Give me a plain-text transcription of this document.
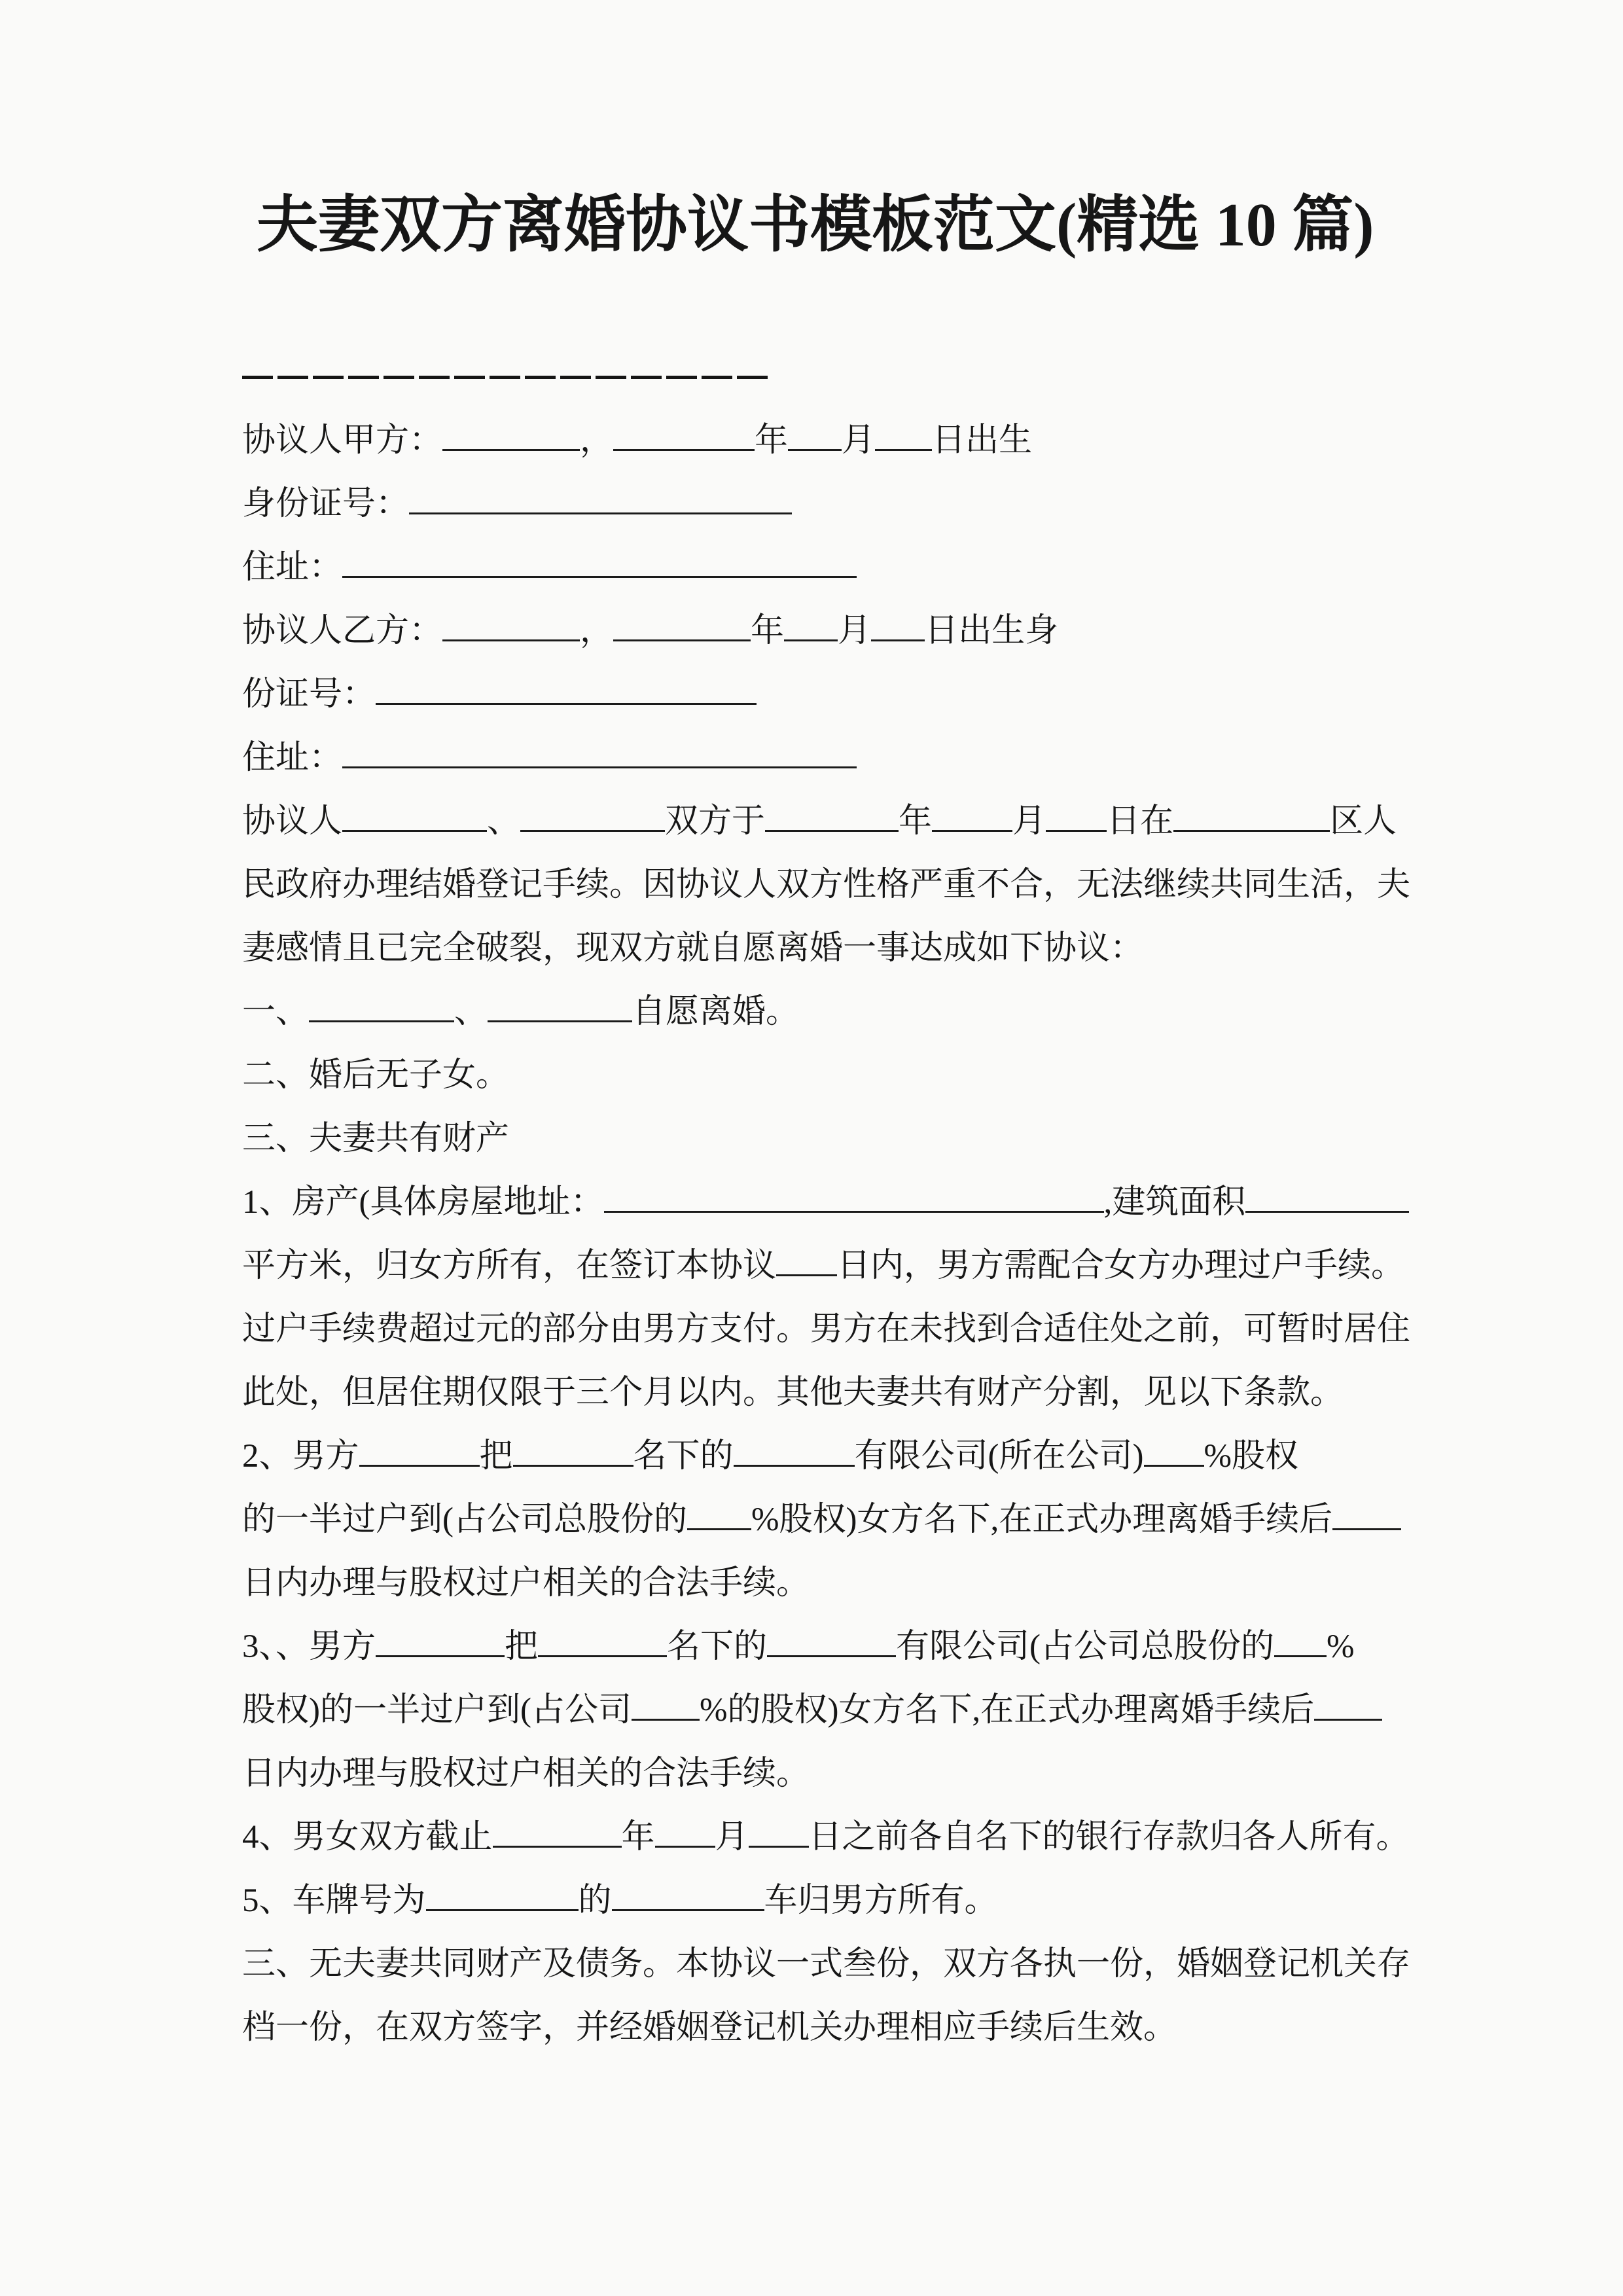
夫妻双方离婚协议书模板范文(精选 10 篇)
协议人甲方：	，	年 月 日出生
身份证号：
住址：
协议人乙方：	，	年 月 日出生身
份证号：
住址：
协议人	、	双方于	年 月 日在	区人
民政府办理结婚登记手续。因协议人双方性格严重不合，无法继续共同生活，夫
妻感情且已完全破裂，现双方就自愿离婚一事达成如下协议：
一、	、	自愿离婚。
二、婚后无子女。
三、夫妻共有财产
1、房产(具体房屋地址：	,建筑面积
平方米，归女方所有，在签订本协议 日内，男方需配合女方办理过户手续。
过户手续费超过元的部分由男方支付。男方在未找到合适住处之前，可暂时居住
此处，但居住期仅限于三个月以内。其他夫妻共有财产分割，见以下条款。
2、男方	把	名下的	有限公司(所在公司) %股权
的一半过户到(占公司总股份的 %股权)女方名下,在正式办理离婚手续后
日内办理与股权过户相关的合法手续。
3、、男方	把	名下的	有限公司(占公司总股份的 %
股权)的一半过户到(占公司 %的股权)女方名下,在正式办理离婚手续后
日内办理与股权过户相关的合法手续。
4、男女双方截止	年 月 日之前各自名下的银行存款归各人所有。
5、车牌号为	的	车归男方所有。
三、无夫妻共同财产及债务。本协议一式叁份，双方各执一份，婚姻登记机关存
档一份，在双方签字，并经婚姻登记机关办理相应手续后生效。
